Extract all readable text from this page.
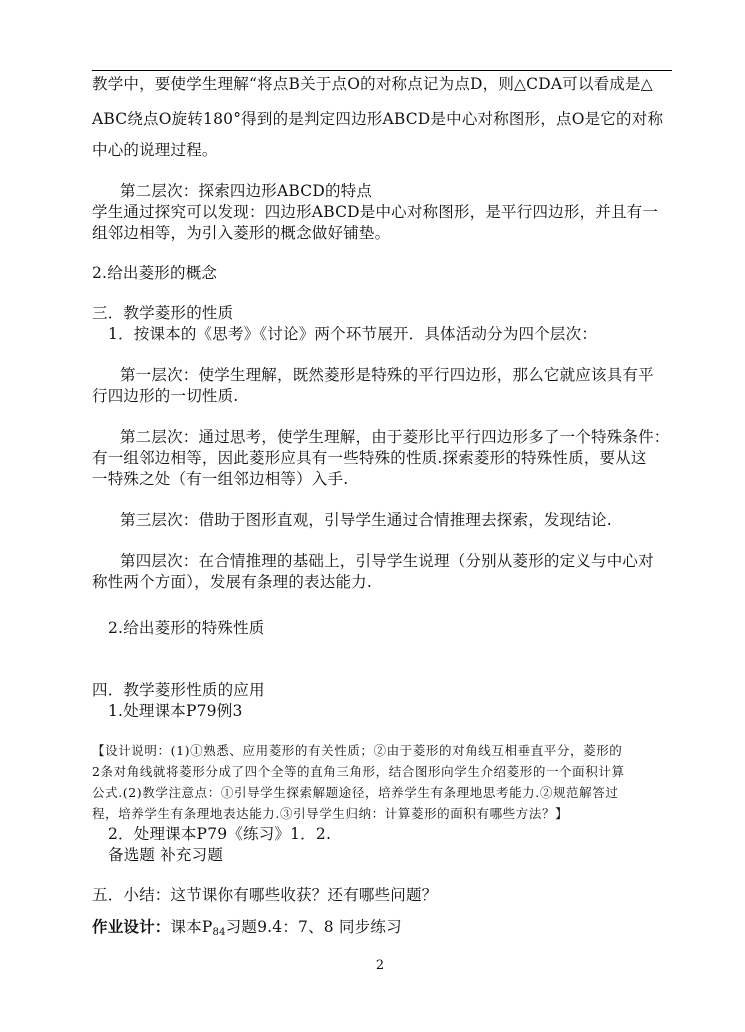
教学中，要使学生理解“将点B关于点O的对称点记为点D，则△CDA可以看成是△
ABC绕点O旋转180°得到的是判定四边形ABCD是中心对称图形，点O是它的对称
中心的说理过程。
第二层次：探索四边形ABCD的特点
学生通过探究可以发现：四边形ABCD是中心对称图形，是平行四边形，并且有一
组邻边相等，为引入菱形的概念做好铺垫。
2.给出菱形的概念
三．教学菱形的性质
1．按课本的《思考》《讨论》两个环节展开．具体活动分为四个层次：
第一层次：使学生理解，既然菱形是特殊的平行四边形，那么它就应该具有平
行四边形的一切性质.
第二层次：通过思考，使学生理解，由于菱形比平行四边形多了一个特殊条件：
有一组邻边相等，因此菱形应具有一些特殊的性质.探索菱形的特殊性质，要从这
一特殊之处（有一组邻边相等）入手.
第三层次：借助于图形直观，引导学生通过合情推理去探索，发现结论.
第四层次：在合情推理的基础上，引导学生说理（分别从菱形的定义与中心对
称性两个方面），发展有条理的表达能力.
2.给出菱形的特殊性质
四．教学菱形性质的应用
1.处理课本P79例3
【设计说明：(1)①熟悉、应用菱形的有关性质；②由于菱形的对角线互相垂直平分，菱形的
2条对角线就将菱形分成了四个全等的直角三角形，结合图形向学生介绍菱形的一个面积计算
公式.(2)教学注意点：①引导学生探索解题途径，培养学生有条理地思考能力.②规范解答过
程，培养学生有条理地表达能力.③引导学生归纳：计算菱形的面积有哪些方法？】
2．处理课本P79《练习》1．2.
备选题 补充习题
五．小结：这节课你有哪些收获？还有哪些问题？
作业设计：课本$P_{84}$习题9.4：7、8 同步练习
2
